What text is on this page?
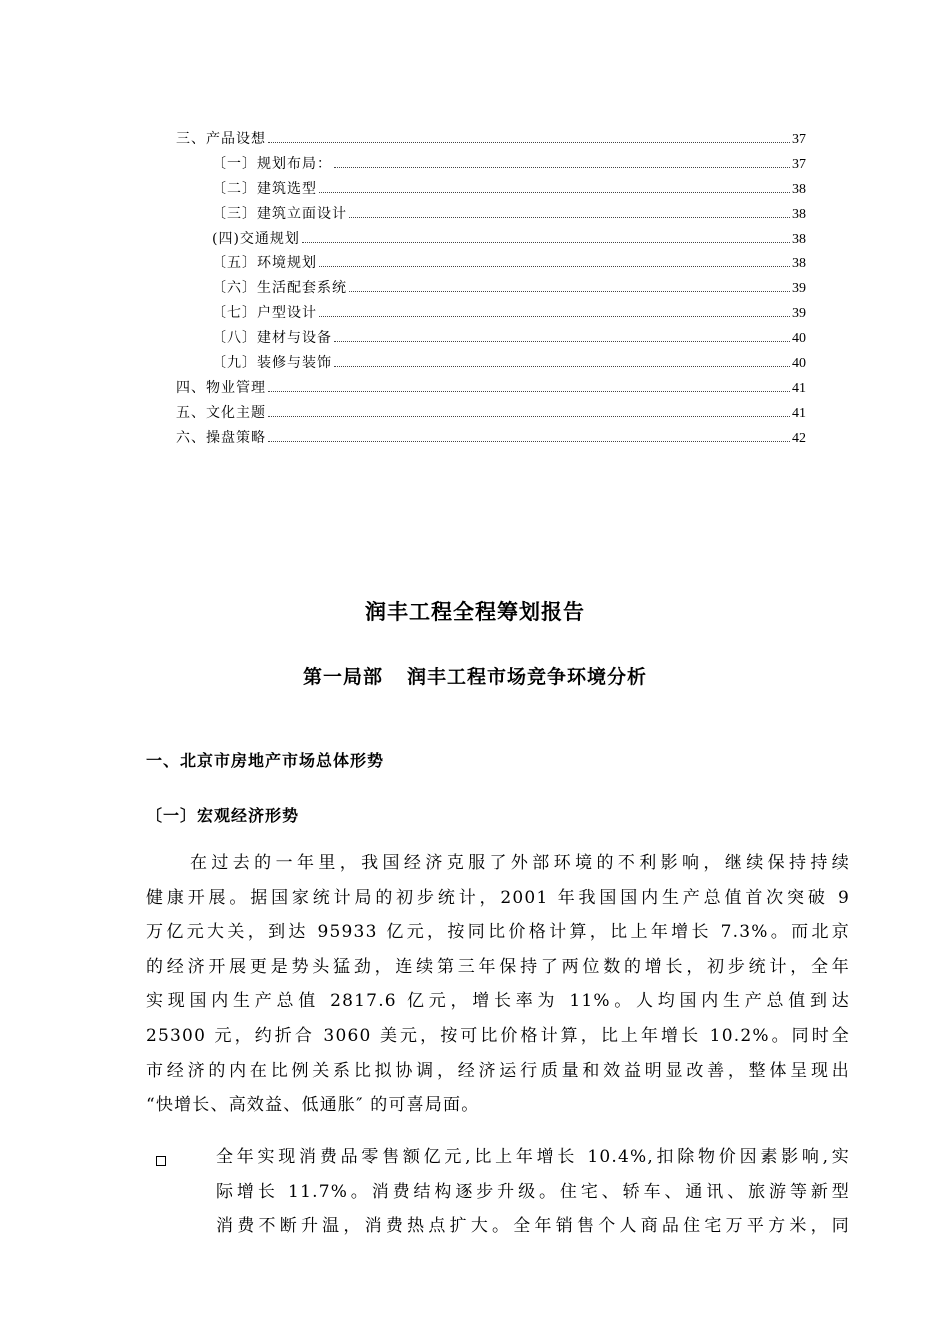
三、产品设想	37
〔一〕规划布局：	37
〔二〕建筑选型	38
〔三〕建筑立面设计	38
(四)交通规划	38
〔五〕环境规划	38
〔六〕生活配套系统	39
〔七〕户型设计	39
〔八〕建材与设备	40
〔九〕装修与装饰	40
四、物业管理	41
五、文化主题	41
六、操盘策略	42
润丰工程全程筹划报告
第一局部 润丰工程市场竞争环境分析
一、北京市房地产市场总体形势
〔一〕宏观经济形势
在过去的一年里，我国经济克服了外部环境的不利影响，继续保持持续
健康开展。据国家统计局的初步统计，2001 年我国国内生产总值首次突破 9
万亿元大关，到达 95933 亿元，按同比价格计算，比上年增长 7.3%。而北京
的经济开展更是势头猛劲，连续第三年保持了两位数的增长，初步统计，全年
实现国内生产总值 2817.6 亿元，增长率为 11%。人均国内生产总值到达
25300 元，约折合 3060 美元，按可比价格计算，比上年增长 10.2%。同时全
市经济的内在比例关系比拟协调，经济运行质量和效益明显改善，整体呈现出
“快增长、高效益、低通胀″ 的可喜局面。
全年实现消费品零售额亿元,比上年增长 10.4%,扣除物价因素影响,实
际增长 11.7%。消费结构逐步升级。住宅、轿车、通讯、旅游等新型
消费不断升温，消费热点扩大。全年销售个人商品住宅万平方米，同
